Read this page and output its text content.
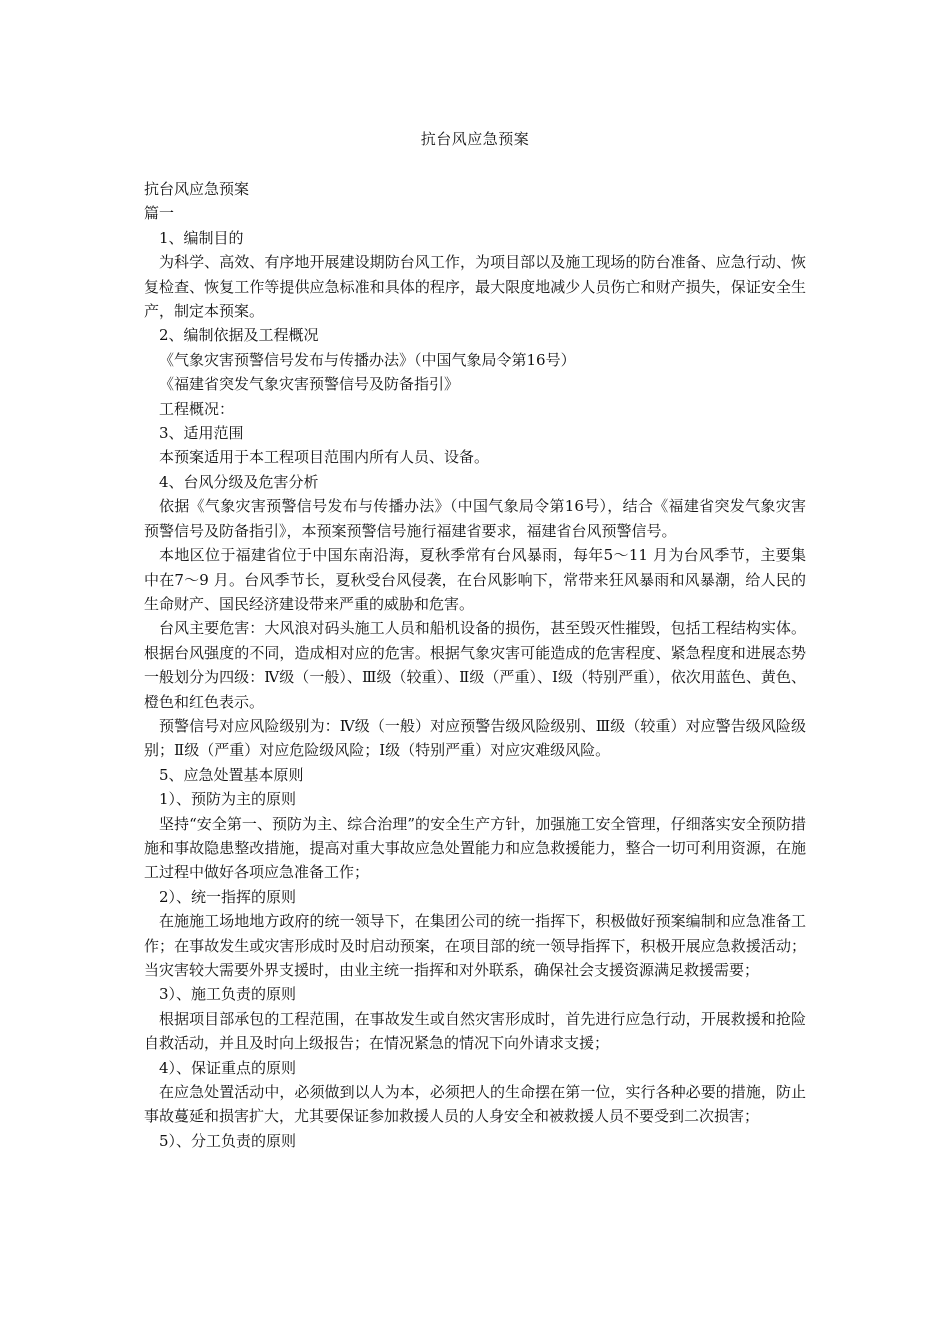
抗台风应急预案

抗台风应急预案

篇一

1、编制目的

为科学、高效、有序地开展建设期防台风工作，为项目部以及施工现场的防台准备、应急行动、恢复检查、恢复工作等提供应急标准和具体的程序，最大限度地减少人员伤亡和财产损失，保证安全生产，制定本预案。

2、编制依据及工程概况

《气象灾害预警信号发布与传播办法》（中国气象局令第16号）

《福建省突发气象灾害预警信号及防备指引》

工程概况：

3、适用范围

本预案适用于本工程项目范围内所有人员、设备。

4、台风分级及危害分析

依据《气象灾害预警信号发布与传播办法》（中国气象局令第16号），结合《福建省突发气象灾害预警信号及防备指引》，本预案预警信号施行福建省要求，福建省台风预警信号。

本地区位于福建省位于中国东南沿海，夏秋季常有台风暴雨，每年5～11 月为台风季节，主要集中在7～9 月。台风季节长，夏秋受台风侵袭，在台风影响下，常带来狂风暴雨和风暴潮，给人民的生命财产、国民经济建设带来严重的威胁和危害。

台风主要危害：大风浪对码头施工人员和船机设备的损伤，甚至毁灭性摧毁，包括工程结构实体。根据台风强度的不同，造成相对应的危害。根据气象灾害可能造成的危害程度、紧急程度和进展态势一般划分为四级：Ⅳ级（一般）、Ⅲ级（较重）、Ⅱ级（严重）、Ⅰ级（特别严重），依次用蓝色、黄色、橙色和红色表示。

预警信号对应风险级别为：Ⅳ级（一般）对应预警告级风险级别、Ⅲ级（较重）对应警告级风险级别；Ⅱ级（严重）对应危险级风险；Ⅰ级（特别严重）对应灾难级风险。

5、应急处置基本原则

1）、预防为主的原则

坚持“安全第一、预防为主、综合治理”的安全生产方针，加强施工安全管理，仔细落实安全预防措施和事故隐患整改措施，提高对重大事故应急处置能力和应急救援能力，整合一切可利用资源，在施工过程中做好各项应急准备工作；

2）、统一指挥的原则

在施施工场地地方政府的统一领导下，在集团公司的统一指挥下，积极做好预案编制和应急准备工作；在事故发生或灾害形成时及时启动预案，在项目部的统一领导指挥下，积极开展应急救援活动；当灾害较大需要外界支援时，由业主统一指挥和对外联系，确保社会支援资源满足救援需要；

3）、施工负责的原则

根据项目部承包的工程范围，在事故发生或自然灾害形成时，首先进行应急行动，开展救援和抢险自救活动，并且及时向上级报告；在情况紧急的情况下向外请求支援；

4）、保证重点的原则

在应急处置活动中，必须做到以人为本，必须把人的生命摆在第一位，实行各种必要的措施，防止事故蔓延和损害扩大，尤其要保证参加救援人员的人身安全和被救援人员不要受到二次损害；

5）、分工负责的原则
